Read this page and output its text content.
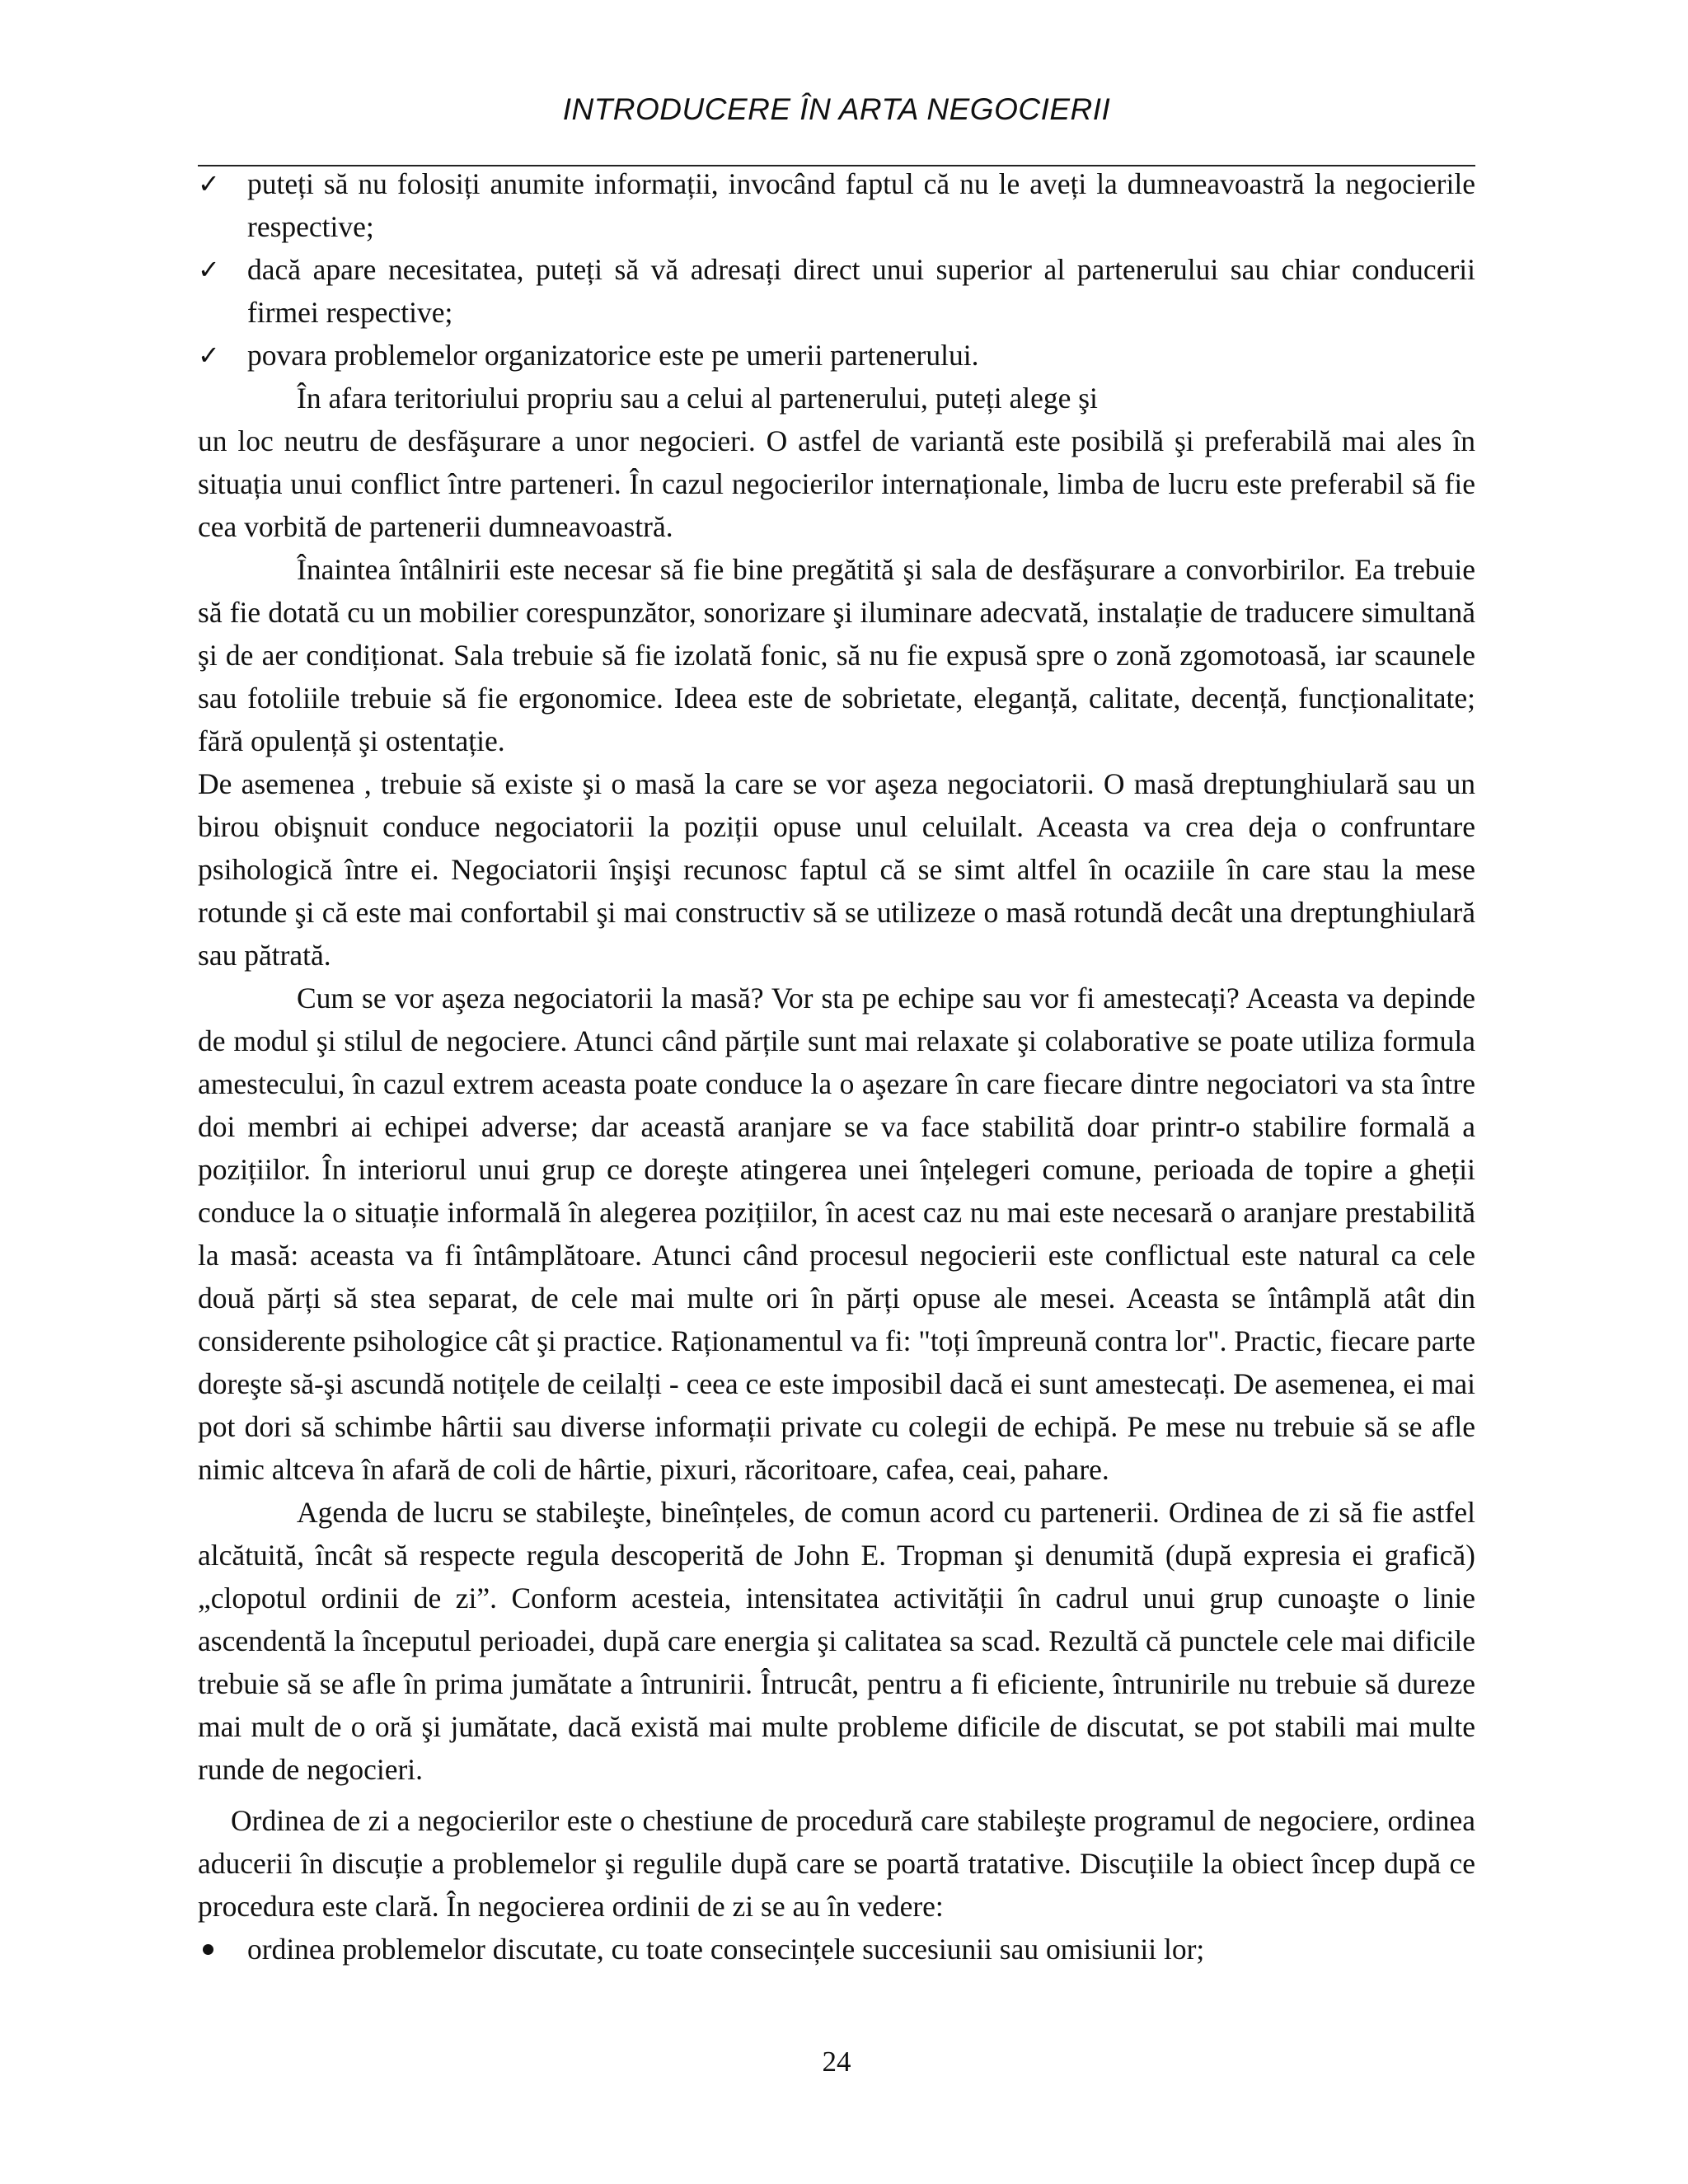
INTRODUCERE ÎN ARTA NEGOCIERII
✓ puteți să nu folosiți anumite informații, invocând faptul că nu le aveți la dumneavoastră la negocierile respective;
✓ dacă apare necesitatea, puteți să vă adresați direct unui superior al partenerului sau chiar conducerii firmei respective;
✓ povara problemelor organizatorice este pe umerii partenerului.

În afara teritoriului propriu sau a celui al partenerului, puteți alege şi

un loc neutru de desfăşurare a unor negocieri. O astfel de variantă este posibilă şi preferabilă mai ales în situația unui conflict între parteneri. În cazul negocierilor internaționale, limba de lucru este preferabil să fie cea vorbită de partenerii dumneavoastră.

Înaintea întâlnirii este necesar să fie bine pregătită şi sala de desfăşurare a convorbirilor. Ea trebuie să fie dotată cu un mobilier corespunzător, sonorizare şi iluminare adecvată, instalație de traducere simultană şi de aer condiționat. Sala trebuie să fie izolată fonic, să nu fie expusă spre o zonă zgomotoasă, iar scaunele sau fotoliile trebuie să fie ergonomice. Ideea este de sobrietate, eleganță, calitate, decență, funcționalitate; fără opulență şi ostentație.

De asemenea , trebuie să existe şi o masă la care se vor aşeza negociatorii. O masă dreptunghiulară sau un birou obişnuit conduce negociatorii la poziții opuse unul celuilalt. Aceasta va crea deja o confruntare psihologică între ei. Negociatorii înşişi recunosc faptul că se simt altfel în ocaziile în care stau la mese rotunde şi că este mai confortabil şi mai constructiv să se utilizeze o masă rotundă decât una dreptunghiulară sau pătrată.

Cum se vor aşeza negociatorii la masă? Vor sta pe echipe sau vor fi amestecați? Aceasta va depinde de modul şi stilul de negociere. Atunci când părțile sunt mai relaxate şi colaborative se poate utiliza formula amestecului, în cazul extrem aceasta poate conduce la o aşezare în care fiecare dintre negociatori va sta între doi membri ai echipei adverse; dar această aranjare se va face stabilită doar printr-o stabilire formală a pozițiilor. În interiorul unui grup ce doreşte atingerea unei înțelegeri comune, perioada de topire a gheții conduce la o situație informală în alegerea pozițiilor, în acest caz nu mai este necesară o aranjare prestabilită la masă: aceasta va fi întâmplătoare. Atunci când procesul negocierii este conflictual este natural ca cele două părți să stea separat, de cele mai multe ori în părți opuse ale mesei. Aceasta se întâmplă atât din considerente psihologice cât şi practice. Raționamentul va fi: "toți împreună contra lor". Practic, fiecare parte doreşte să-şi ascundă notițele de ceilalți - ceea ce este imposibil dacă ei sunt amestecați. De asemenea, ei mai pot dori să schimbe hârtii sau diverse informații private cu colegii de echipă. Pe mese nu trebuie să se afle nimic altceva în afară de coli de hârtie, pixuri, răcoritoare, cafea, ceai, pahare.

Agenda de lucru se stabileşte, bineînțeles, de comun acord cu partenerii. Ordinea de zi să fie astfel alcătuită, încât să respecte regula descoperită de John E. Tropman şi denumită (după expresia ei grafică) „clopotul ordinii de zi”. Conform acesteia, intensitatea activității în cadrul unui grup cunoaşte o linie ascendentă la începutul perioadei, după care energia şi calitatea sa scad. Rezultă că punctele cele mai dificile trebuie să se afle în prima jumătate a întrunirii. Întrucât, pentru a fi eficiente, întrunirile nu trebuie să dureze mai mult de o oră şi jumătate, dacă există mai multe probleme dificile de discutat, se pot stabili mai multe runde de negocieri.

Ordinea de zi a negocierilor este o chestiune de procedură care stabileşte programul de negociere, ordinea aducerii în discuție a problemelor şi regulile după care se poartă tratative. Discuțiile la obiect încep după ce procedura este clară. În negocierea ordinii de zi se au în vedere:

ordinea problemelor discutate, cu toate consecințele succesiunii sau omisiunii lor;
24
